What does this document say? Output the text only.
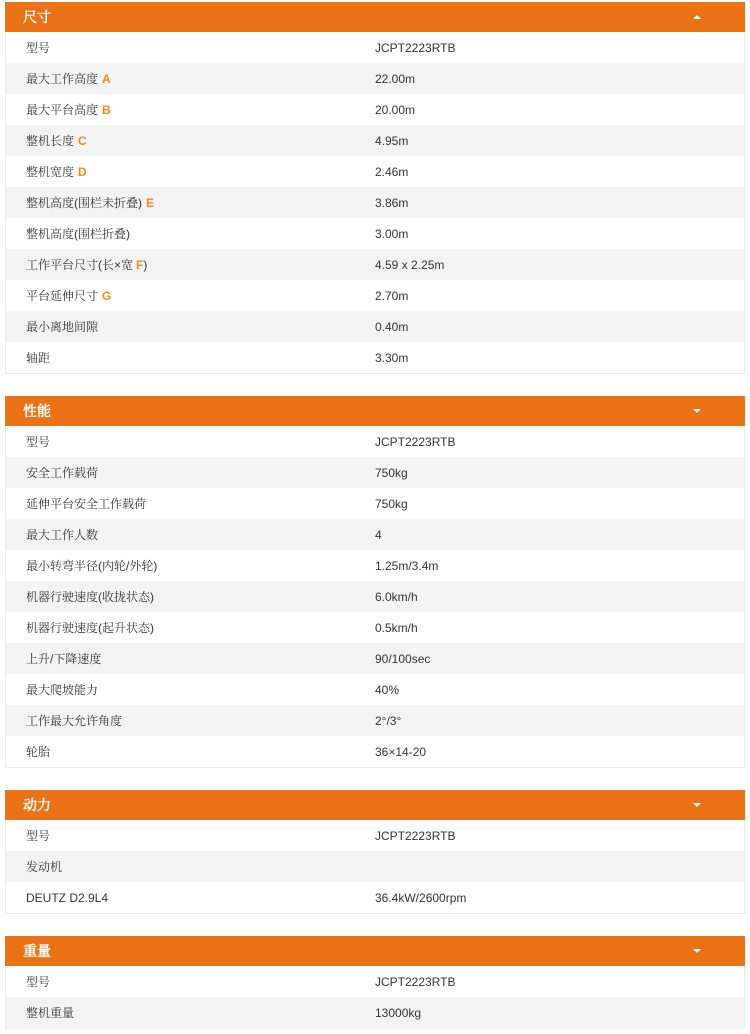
尺寸
型号	JCPT2223RTB
最大工作高度 A	22.00m
最大平台高度 B	20.00m
整机长度 C	4.95m
整机宽度 D	2.46m
整机高度(围栏未折叠) E	3.86m
整机高度(围栏折叠)	3.00m
工作平台尺寸(长×宽 F)	4.59 x 2.25m
平台延伸尺寸 G	2.70m
最小离地间隙	0.40m
轴距	3.30m
性能
型号	JCPT2223RTB
安全工作载荷	750kg
延伸平台安全工作载荷	750kg
最大工作人数	4
最小转弯半径(内轮/外轮)	1.25m/3.4m
机器行驶速度(收拢状态)	6.0km/h
机器行驶速度(起升状态)	0.5km/h
上升/下降速度	90/100sec
最大爬坡能力	40%
工作最大允许角度	2°/3°
轮胎	36×14-20
动力
型号	JCPT2223RTB
发动机
DEUTZ D2.9L4	36.4kW/2600rpm
重量
型号	JCPT2223RTB
整机重量	13000kg
